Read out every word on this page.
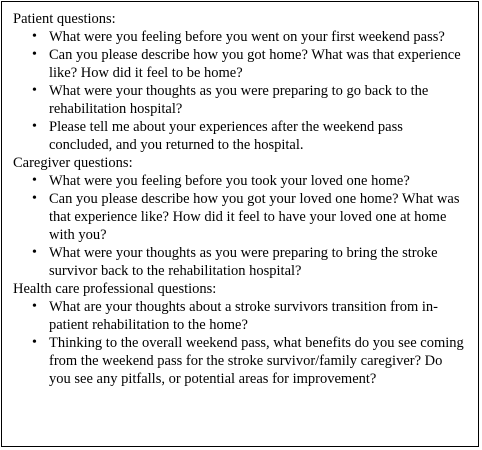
Patient questions:
• What were you feeling before you went on your first weekend pass?
• Can you please describe how you got home? What was that experience like? How did it feel to be home?
• What were your thoughts as you were preparing to go back to the rehabilitation hospital?
• Please tell me about your experiences after the weekend pass concluded, and you returned to the hospital.
Caregiver questions:
• What were you feeling before you took your loved one home?
• Can you please describe how you got your loved one home? What was that experience like? How did it feel to have your loved one at home with you?
• What were your thoughts as you were preparing to bring the stroke survivor back to the rehabilitation hospital?
Health care professional questions:
• What are your thoughts about a stroke survivors transition from in-patient rehabilitation to the home?
• Thinking to the overall weekend pass, what benefits do you see coming from the weekend pass for the stroke survivor/family caregiver? Do you see any pitfalls, or potential areas for improvement?
